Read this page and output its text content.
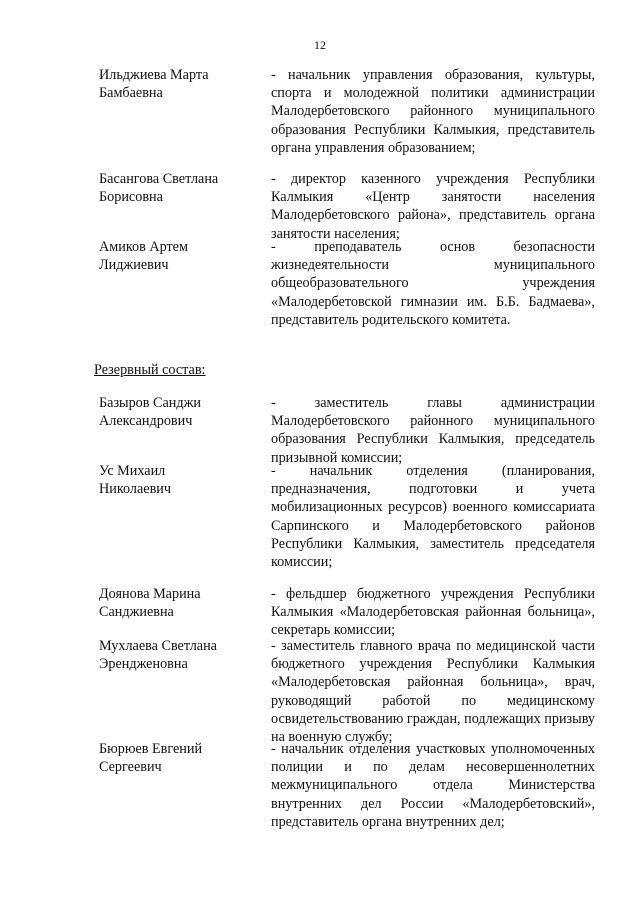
12
Ильджиева Марта
Бамбаевна
- начальник управления образования, культуры, спорта и молодежной политики администрации Малодербетовского районного муниципального образования Республики Калмыкия, представитель органа управления образованием;
Басангова Светлана
Борисовна
- директор казенного учреждения Республики Калмыкия «Центр занятости населения Малодербетовского района», представитель органа занятости населения;
Амиков Артем
Лиджиевич
- преподаватель основ безопасности жизнедеятельности муниципального общеобразовательного учреждения «Малодербетовской гимназии им. Б.Б. Бадмаева», представитель родительского комитета.
Резервный состав:
Базыров Санджи
Александрович
- заместитель главы администрации Малодербетовского районного муниципального образования Республики Калмыкия, председатель призывной комиссии;
Ус Михаил
Николаевич
- начальник отделения (планирования, предназначения, подготовки и учета мобилизационных ресурсов) военного комиссариата Сарпинского и Малодербетовского районов Республики Калмыкия, заместитель председателя комиссии;
Доянова Марина
Санджиевна
- фельдшер бюджетного учреждения Республики Калмыкия «Малодербетовская районная больница», секретарь комиссии;
Мухлаева Светлана
Эрендженовна
- заместитель главного врача по медицинской части бюджетного учреждения Республики Калмыкия «Малодербетовская районная больница», врач, руководящий работой по медицинскому освидетельствованию граждан, подлежащих призыву на военную службу;
Бюрюев Евгений
Сергеевич
- начальник отделения участковых уполномоченных полиции и по делам несовершеннолетних межмуниципального отдела Министерства внутренних дел России «Малодербетовский», представитель органа внутренних дел;
